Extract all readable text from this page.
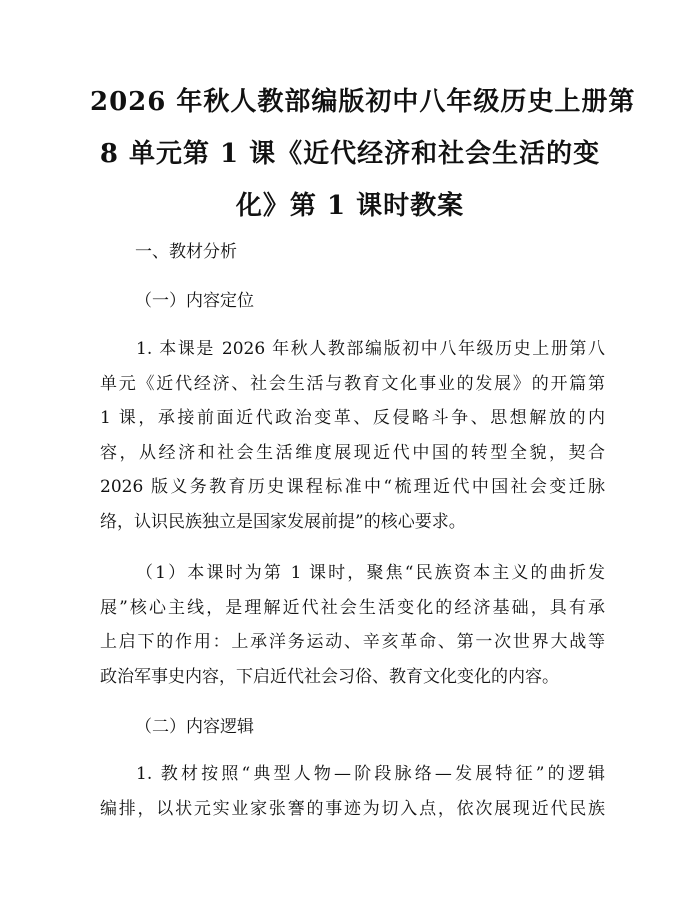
2026 年秋人教部编版初中八年级历史上册第
8 单元第 1 课《近代经济和社会生活的变
化》第 1 课时教案
一、教材分析
（一）内容定位
1. 本课是 2026 年秋人教部编版初中八年级历史上册第八
单元《近代经济、社会生活与教育文化事业的发展》的开篇第
1 课，承接前面近代政治变革、反侵略斗争、思想解放的内
容，从经济和社会生活维度展现近代中国的转型全貌，契合
2026 版义务教育历史课程标准中“梳理近代中国社会变迁脉
络，认识民族独立是国家发展前提”的核心要求。
（1）本课时为第 1 课时，聚焦“民族资本主义的曲折发
展”核心主线，是理解近代社会生活变化的经济基础，具有承
上启下的作用：上承洋务运动、辛亥革命、第一次世界大战等
政治军事史内容，下启近代社会习俗、教育文化变化的内容。
（二）内容逻辑
1. 教材按照“典型人物—阶段脉络—发展特征”的逻辑
编排，以状元实业家张謇的事迹为切入点，依次展现近代民族
